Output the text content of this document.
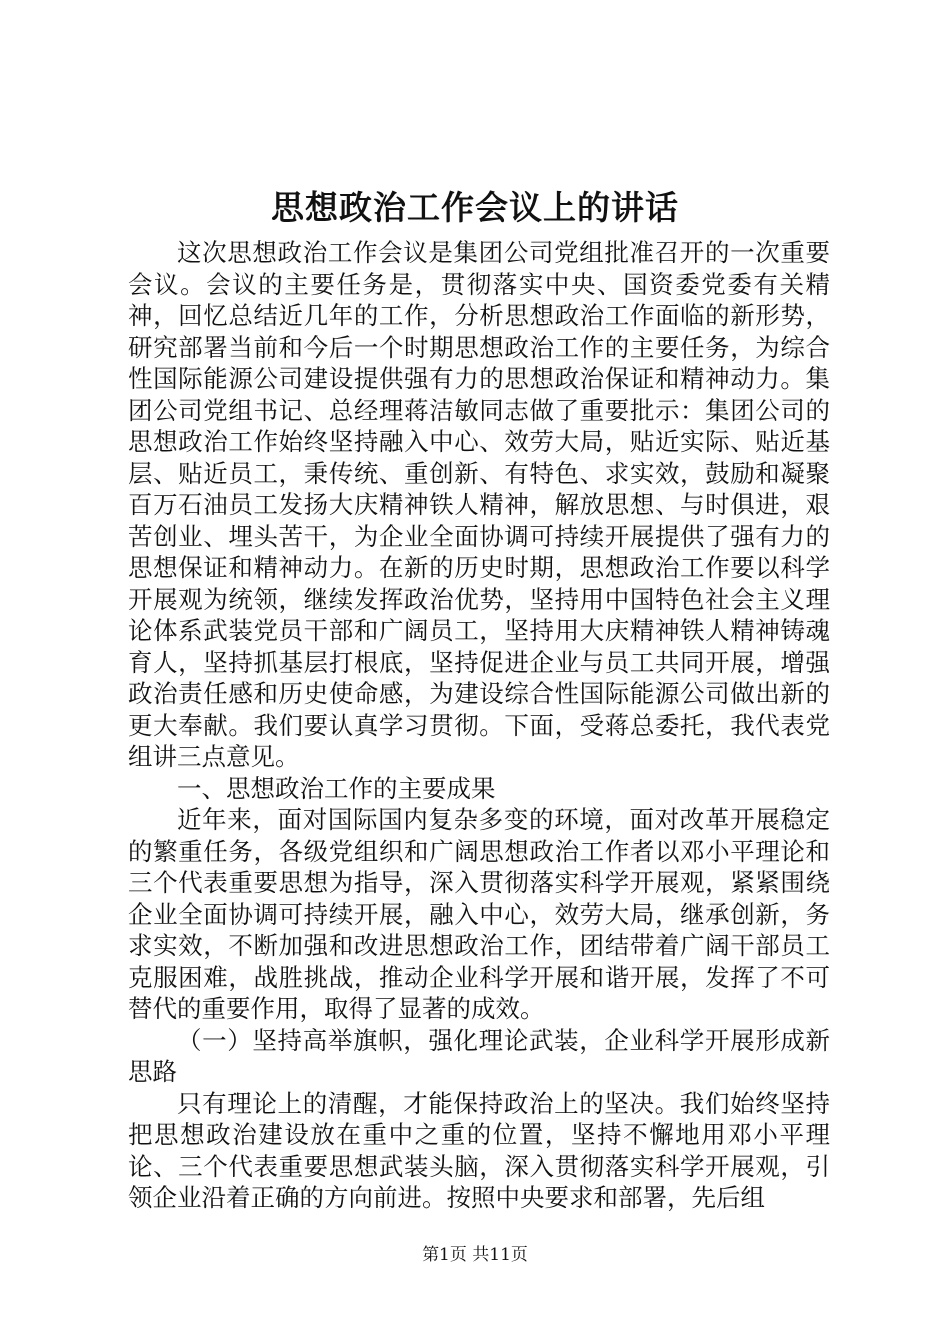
思想政治工作会议上的讲话

这次思想政治工作会议是集团公司党组批准召开的一次重要会议。会议的主要任务是，贯彻落实中央、国资委党委有关精神，回忆总结近几年的工作，分析思想政治工作面临的新形势，研究部署当前和今后一个时期思想政治工作的主要任务，为综合性国际能源公司建设提供强有力的思想政治保证和精神动力。集团公司党组书记、总经理蒋洁敏同志做了重要批示：集团公司的思想政治工作始终坚持融入中心、效劳大局，贴近实际、贴近基层、贴近员工，秉传统、重创新、有特色、求实效，鼓励和凝聚百万石油员工发扬大庆精神铁人精神，解放思想、与时俱进，艰苦创业、埋头苦干，为企业全面协调可持续开展提供了强有力的思想保证和精神动力。在新的历史时期，思想政治工作要以科学开展观为统领，继续发挥政治优势，坚持用中国特色社会主义理论体系武装党员干部和广阔员工，坚持用大庆精神铁人精神铸魂育人，坚持抓基层打根底，坚持促进企业与员工共同开展，增强政治责任感和历史使命感，为建设综合性国际能源公司做出新的更大奉献。我们要认真学习贯彻。下面，受蒋总委托，我代表党组讲三点意见。

一、思想政治工作的主要成果

近年来，面对国际国内复杂多变的环境，面对改革开展稳定的繁重任务，各级党组织和广阔思想政治工作者以邓小平理论和三个代表重要思想为指导，深入贯彻落实科学开展观，紧紧围绕企业全面协调可持续开展，融入中心，效劳大局，继承创新，务求实效，不断加强和改进思想政治工作，团结带着广阔干部员工克服困难，战胜挑战，推动企业科学开展和谐开展，发挥了不可替代的重要作用，取得了显著的成效。

（一）坚持高举旗帜，强化理论武装，企业科学开展形成新思路

只有理论上的清醒，才能保持政治上的坚决。我们始终坚持把思想政治建设放在重中之重的位置，坚持不懈地用邓小平理论、三个代表重要思想武装头脑，深入贯彻落实科学开展观，引领企业沿着正确的方向前进。按照中央要求和部署，先后组

第1页 共11页
